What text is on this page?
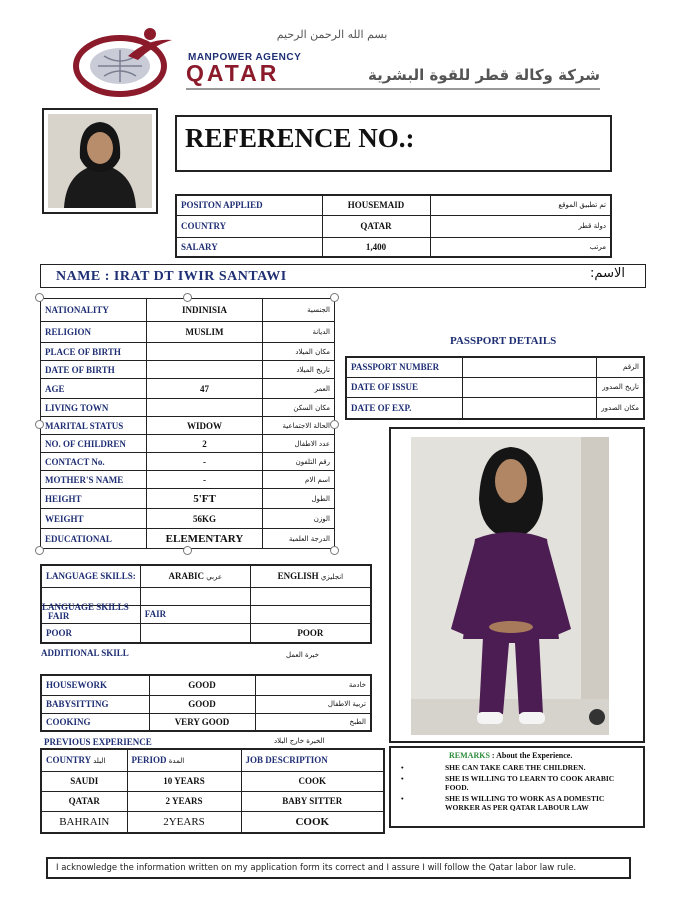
بسم الله الرحمن الرحيم
MANPOWER AGENCY
QATAR	شركة وكالة قطر للقوة البشرية
REFERENCE NO.:
POSITON APPLIED	HOUSEMAID	تم تطبيق الموقع
COUNTRY	QATAR	دولة قطر
SALARY	1,400	مرتب
NAME : IRAT DT IWIR SANTAWI	الاسم:
NATIONALITY	INDINISIA	الجنسية
RELIGION	MUSLIM	الديانة
PLACE OF BIRTH		مكان الميلاد
DATE OF BIRTH		تاريخ الميلاد
AGE	47	العمر
LIVING TOWN		مكان السكن
MARITAL STATUS	WIDOW	الحالة الاجتماعية
NO. OF CHILDREN	2	عدد الاطفال
CONTACT No.	-	رقم التلفون
MOTHER'S NAME	-	اسم الام
HEIGHT	5'FT	الطول
WEIGHT	56KG	الوزن
EDUCATIONAL	ELEMENTARY	الدرجة العلمية
PASSPORT DETAILS
PASSPORT NUMBER		الرقم
DATE OF ISSUE		تاريخ الصدور
DATE OF EXP.		مكان الصدور
LANGUAGE SKILLS:	ARABIC عربي	ENGLISH انجليزي

LANGUAGE SKILLS
FAIR	FAIR	
POOR		POOR
ADDITIONAL SKILL	خبرة العمل
HOUSEWORK	GOOD	خادمة
BABYSITTING	GOOD	تربية الاطفال
COOKING	VERY GOOD	الطبخ
PREVIOUS EXPERIENCE	الخبرة خارج البلاد
COUNTRY البلد	PERIOD المدة	JOB DESCRIPTION
SAUDI	10 YEARS	COOK
QATAR	2 YEARS	BABY SITTER
BAHRAIN	2YEARS	COOK
REMARKS : About the Experience.
•	SHE CAN TAKE CARE THE CHILDREN.
•	SHE IS WILLING TO LEARN TO COOK ARABIC FOOD.
•	SHE IS WILLING TO WORK AS A DOMESTIC WORKER AS PER QATAR LABOUR LAW
I acknowledge the information written on my application form its correct and I assure I will follow the Qatar labor law rule.
